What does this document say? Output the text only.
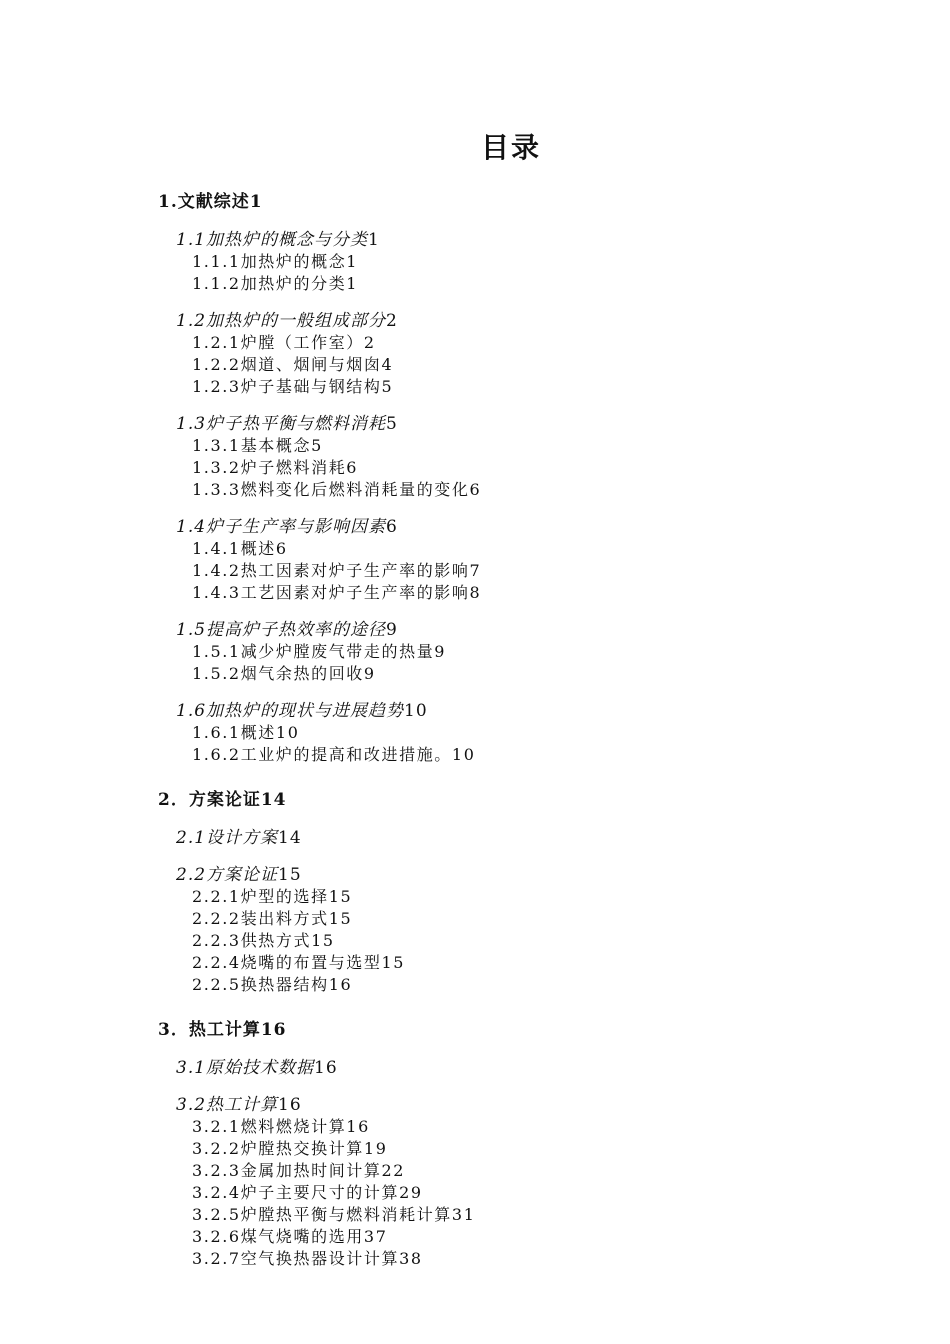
目录
1.文献综述1
1.1加热炉的概念与分类1
1.1.1加热炉的概念1
1.1.2加热炉的分类1
1.2加热炉的一般组成部分2
1.2.1炉膛（工作室）2
1.2.2烟道、烟闸与烟囱4
1.2.3炉子基础与钢结构5
1.3炉子热平衡与燃料消耗5
1.3.1基本概念5
1.3.2炉子燃料消耗6
1.3.3燃料变化后燃料消耗量的变化6
1.4炉子生产率与影响因素6
1.4.1概述6
1.4.2热工因素对炉子生产率的影响7
1.4.3工艺因素对炉子生产率的影响8
1.5提高炉子热效率的途径9
1.5.1减少炉膛废气带走的热量9
1.5.2烟气余热的回收9
1.6加热炉的现状与进展趋势10
1.6.1概述10
1.6.2工业炉的提高和改进措施。10
2．方案论证14
2.1设计方案14
2.2方案论证15
2.2.1炉型的选择15
2.2.2装出料方式15
2.2.3供热方式15
2.2.4烧嘴的布置与选型15
2.2.5换热器结构16
3．热工计算16
3.1原始技术数据16
3.2热工计算16
3.2.1燃料燃烧计算16
3.2.2炉膛热交换计算19
3.2.3金属加热时间计算22
3.2.4炉子主要尺寸的计算29
3.2.5炉膛热平衡与燃料消耗计算31
3.2.6煤气烧嘴的选用37
3.2.7空气换热器设计计算38
